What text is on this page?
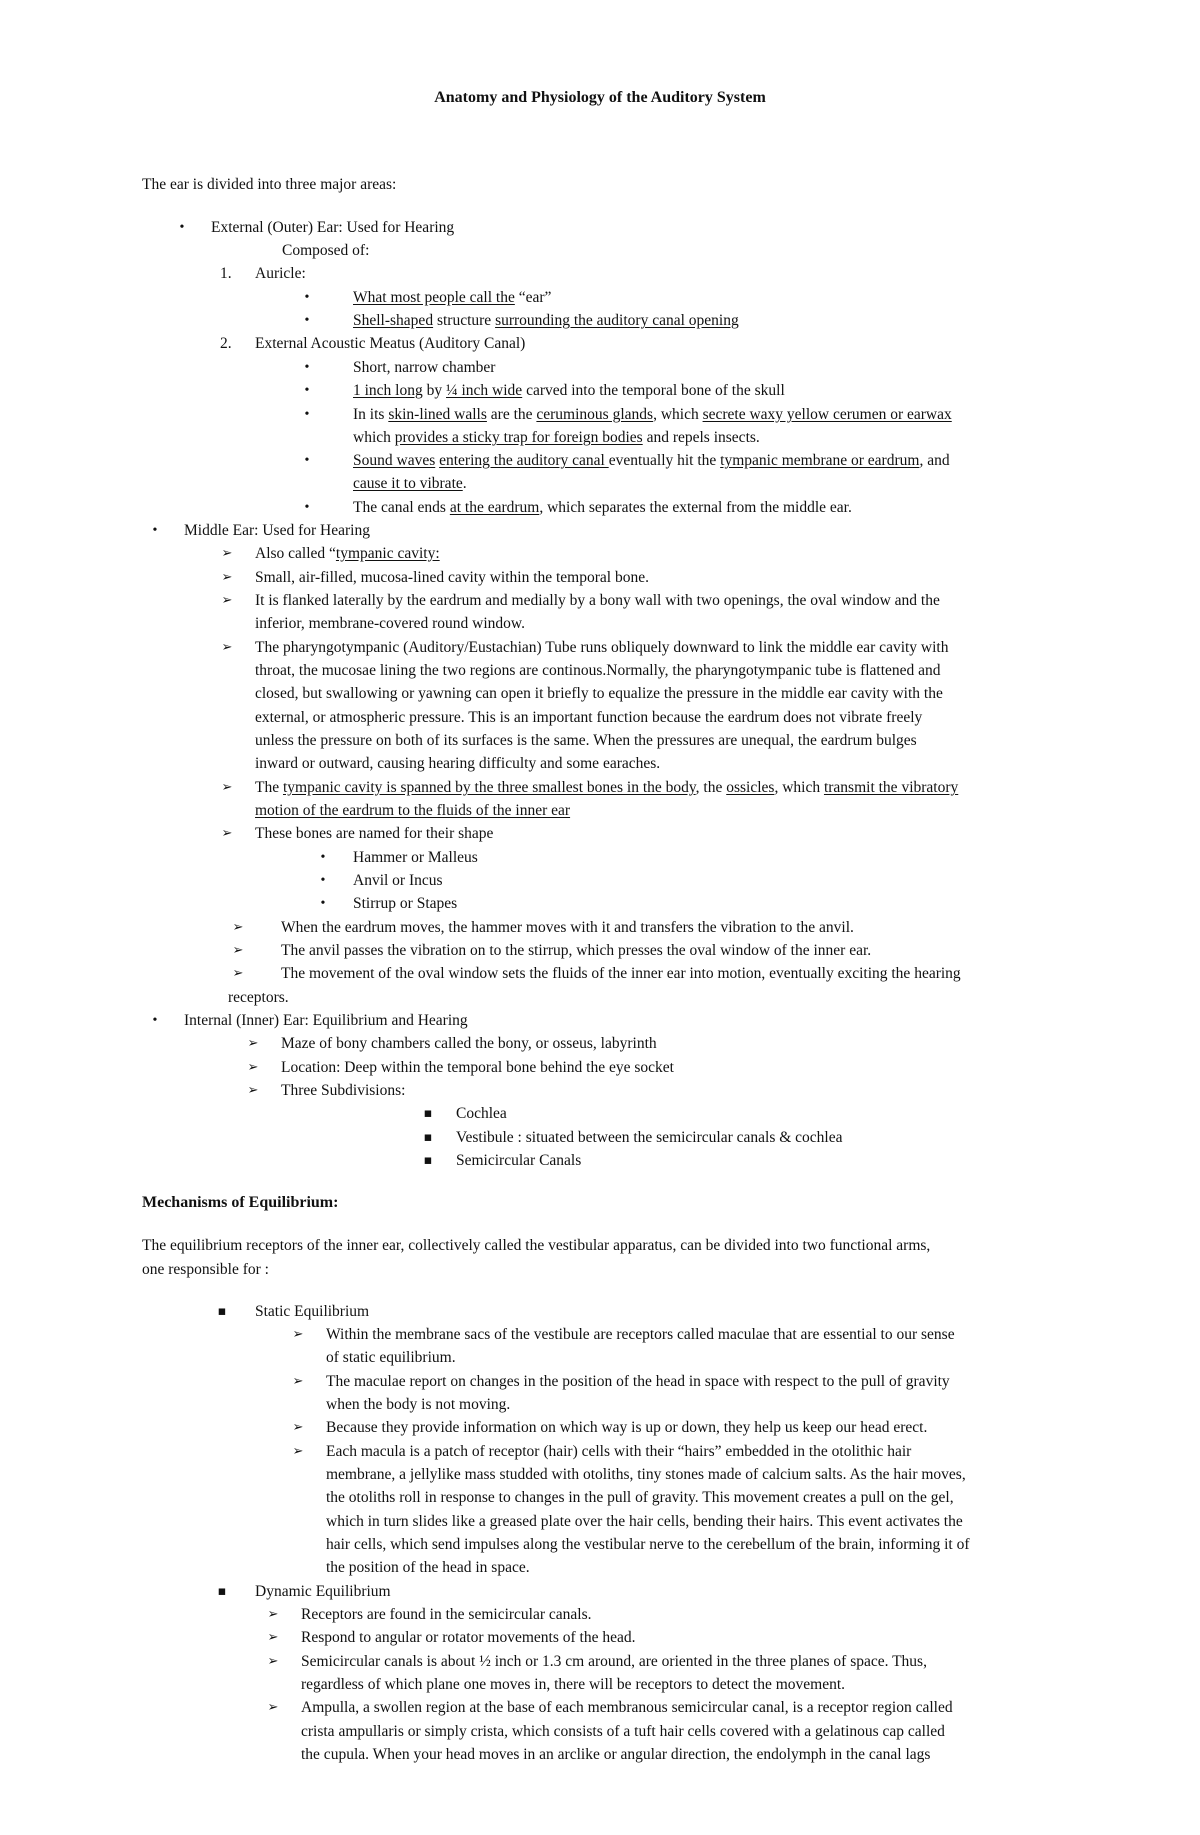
Anatomy and Physiology of the Auditory System
The ear is divided into three major areas:
•
External (Outer) Ear: Used for Hearing
Composed of:
1. Auricle:
•
What most people call the “ear”
•
Shell-shaped structure surrounding the auditory canal opening
2. External Acoustic Meatus (Auditory Canal)
•
Short, narrow chamber
•
1 inch long by ¼ inch wide carved into the temporal bone of the skull
•
In its skin-lined walls are the ceruminous glands, which secrete waxy yellow cerumen or earwax
which provides a sticky trap for foreign bodies and repels insects.
•
Sound waves entering the auditory canal eventually hit the tympanic membrane or eardrum, and
cause it to vibrate.
•
The canal ends at the eardrum, which separates the external from the middle ear.
•
Middle Ear: Used for Hearing
➢
Also called “tympanic cavity:
➢
Small, air-filled, mucosa-lined cavity within the temporal bone.
➢
It is flanked laterally by the eardrum and medially by a bony wall with two openings, the oval window and the
inferior, membrane-covered round window.
➢
The pharyngotympanic (Auditory/Eustachian) Tube runs obliquely downward to link the middle ear cavity with
throat, the mucosae lining the two regions are continous.Normally, the pharyngotympanic tube is flattened and
closed, but swallowing or yawning can open it briefly to equalize the pressure in the middle ear cavity with the
external, or atmospheric pressure. This is an important function because the eardrum does not vibrate freely
unless the pressure on both of its surfaces is the same. When the pressures are unequal, the eardrum bulges
inward or outward, causing hearing difficulty and some earaches.
➢
The tympanic cavity is spanned by the three smallest bones in the body, the ossicles, which transmit the vibratory
motion of the eardrum to the fluids of the inner ear
➢
These bones are named for their shape
•
Hammer or Malleus
•
Anvil or Incus
•
Stirrup or Stapes
➢
When the eardrum moves, the hammer moves with it and transfers the vibration to the anvil.
➢
The anvil passes the vibration on to the stirrup, which presses the oval window of the inner ear.
➢
The movement of the oval window sets the fluids of the inner ear into motion, eventually exciting the hearing
receptors.
•
Internal (Inner) Ear: Equilibrium and Hearing
➢
Maze of bony chambers called the bony, or osseus, labyrinth
➢
Location: Deep within the temporal bone behind the eye socket
➢
Three Subdivisions:
▪
Cochlea
▪
Vestibule : situated between the semicircular canals & cochlea
▪
Semicircular Canals
Mechanisms of Equilibrium:
The equilibrium receptors of the inner ear, collectively called the vestibular apparatus, can be divided into two functional arms,
one responsible for :
▪
Static Equilibrium
➢
Within the membrane sacs of the vestibule are receptors called maculae that are essential to our sense
of static equilibrium.
➢
The maculae report on changes in the position of the head in space with respect to the pull of gravity
when the body is not moving.
➢
Because they provide information on which way is up or down, they help us keep our head erect.
➢
Each macula is a patch of receptor (hair) cells with their “hairs” embedded in the otolithic hair
membrane, a jellylike mass studded with otoliths, tiny stones made of calcium salts. As the hair moves,
the otoliths roll in response to changes in the pull of gravity. This movement creates a pull on the gel,
which in turn slides like a greased plate over the hair cells, bending their hairs. This event activates the
hair cells, which send impulses along the vestibular nerve to the cerebellum of the brain, informing it of
the position of the head in space.
▪
Dynamic Equilibrium
➢
Receptors are found in the semicircular canals.
➢
Respond to angular or rotator movements of the head.
➢
Semicircular canals is about ½ inch or 1.3 cm around, are oriented in the three planes of space. Thus,
regardless of which plane one moves in, there will be receptors to detect the movement.
➢
Ampulla, a swollen region at the base of each membranous semicircular canal, is a receptor region called
crista ampullaris or simply crista, which consists of a tuft hair cells covered with a gelatinous cap called
the cupula. When your head moves in an arclike or angular direction, the endolymph in the canal lags
